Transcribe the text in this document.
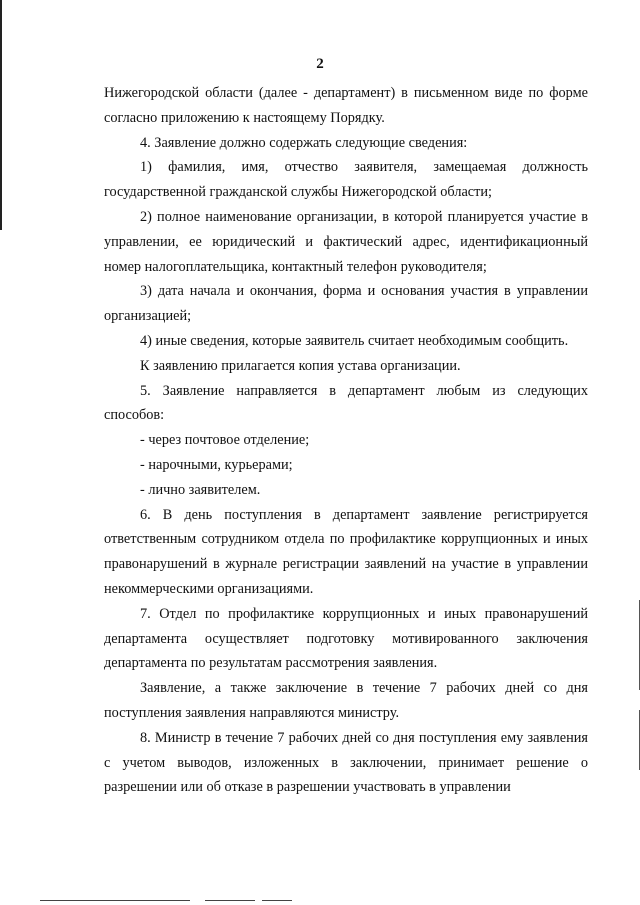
2

Нижегородской области (далее - департамент) в письменном виде по форме согласно приложению к настоящему Порядку.

4. Заявление должно содержать следующие сведения:

1) фамилия, имя, отчество заявителя, замещаемая должность государственной гражданской службы Нижегородской области;

2) полное наименование организации, в которой планируется участие в управлении, ее юридический и фактический адрес, идентификационный номер налогоплательщика, контактный телефон руководителя;

3) дата начала и окончания, форма и основания участия в управлении организацией;

4) иные сведения, которые заявитель считает необходимым сообщить.

К заявлению прилагается копия устава организации.

5. Заявление направляется в департамент любым из следующих способов:

- через почтовое отделение;

- нарочными, курьерами;

- лично заявителем.

6. В день поступления в департамент заявление регистрируется ответственным сотрудником отдела по профилактике коррупционных и иных правонарушений в журнале регистрации заявлений на участие в управлении некоммерческими организациями.

7. Отдел по профилактике коррупционных и иных правонарушений департамента осуществляет подготовку мотивированного заключения департамента по результатам рассмотрения заявления.

Заявление, а также заключение в течение 7 рабочих дней со дня поступления заявления направляются министру.

8. Министр в течение 7 рабочих дней со дня поступления ему заявления с учетом выводов, изложенных в заключении, принимает решение о разрешении или об отказе в разрешении участвовать в управлении
